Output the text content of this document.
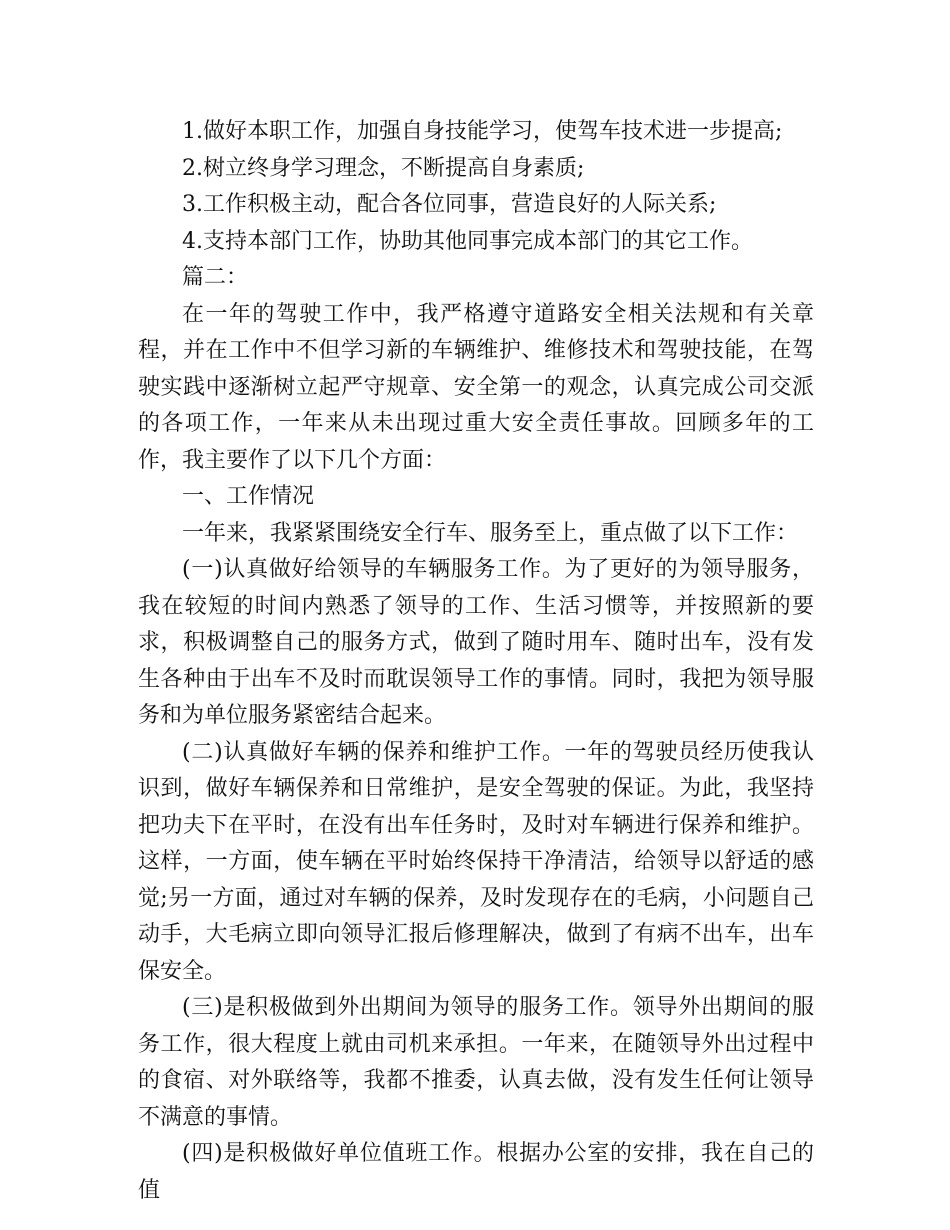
1.做好本职工作，加强自身技能学习，使驾车技术进一步提高;

2.树立终身学习理念，不断提高自身素质;

3.工作积极主动，配合各位同事，营造良好的人际关系;

4.支持本部门工作，协助其他同事完成本部门的其它工作。

篇二：

在一年的驾驶工作中，我严格遵守道路安全相关法规和有关章程，并在工作中不但学习新的车辆维护、维修技术和驾驶技能，在驾驶实践中逐渐树立起严守规章、安全第一的观念，认真完成公司交派的各项工作，一年来从未出现过重大安全责任事故。回顾多年的工作，我主要作了以下几个方面：

一、工作情况

一年来，我紧紧围绕安全行车、服务至上，重点做了以下工作：

(一)认真做好给领导的车辆服务工作。为了更好的为领导服务，我在较短的时间内熟悉了领导的工作、生活习惯等，并按照新的要求，积极调整自己的服务方式，做到了随时用车、随时出车，没有发生各种由于出车不及时而耽误领导工作的事情。同时，我把为领导服务和为单位服务紧密结合起来。

(二)认真做好车辆的保养和维护工作。一年的驾驶员经历使我认识到，做好车辆保养和日常维护，是安全驾驶的保证。为此，我坚持把功夫下在平时，在没有出车任务时，及时对车辆进行保养和维护。这样，一方面，使车辆在平时始终保持干净清洁，给领导以舒适的感觉;另一方面，通过对车辆的保养，及时发现存在的毛病，小问题自己动手，大毛病立即向领导汇报后修理解决，做到了有病不出车，出车保安全。

(三)是积极做到外出期间为领导的服务工作。领导外出期间的服务工作，很大程度上就由司机来承担。一年来，在随领导外出过程中的食宿、对外联络等，我都不推委，认真去做，没有发生任何让领导不满意的事情。

(四)是积极做好单位值班工作。根据办公室的安排，我在自己的值
